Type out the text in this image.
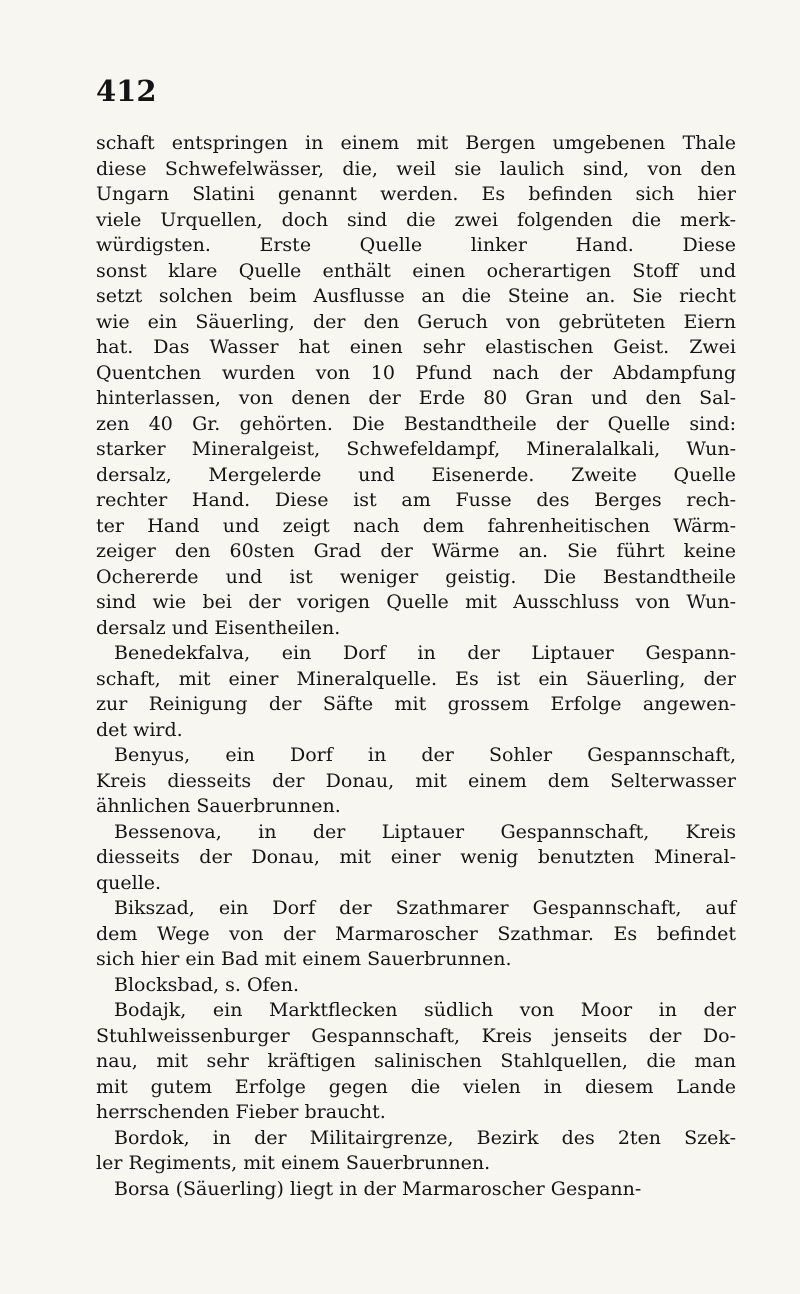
412
schaft entspringen in einem mit Bergen umgebenen Thale
diese Schwefelwässer, die, weil sie laulich sind, von den
Ungarn Slatini genannt werden. Es befinden sich hier
viele Urquellen, doch sind die zwei folgenden die merk-
würdigsten. Erste Quelle linker Hand. Diese
sonst klare Quelle enthält einen ocherartigen Stoff und
setzt solchen beim Ausflusse an die Steine an. Sie riecht
wie ein Säuerling, der den Geruch von gebrüteten Eiern
hat. Das Wasser hat einen sehr elastischen Geist. Zwei
Quentchen wurden von 10 Pfund nach der Abdampfung
hinterlassen, von denen der Erde 80 Gran und den Sal-
zen 40 Gr. gehörten. Die Bestandtheile der Quelle sind:
starker Mineralgeist, Schwefeldampf, Mineralalkali, Wun-
dersalz, Mergelerde und Eisenerde. Zweite Quelle
rechter Hand. Diese ist am Fusse des Berges rech-
ter Hand und zeigt nach dem fahrenheitischen Wärm-
zeiger den 60sten Grad der Wärme an. Sie führt keine
Ochererde und ist weniger geistig. Die Bestandtheile
sind wie bei der vorigen Quelle mit Ausschluss von Wun-
dersalz und Eisentheilen.
Benedekfalva, ein Dorf in der Liptauer Gespann-
schaft, mit einer Mineralquelle. Es ist ein Säuerling, der
zur Reinigung der Säfte mit grossem Erfolge angewen-
det wird.
Benyus, ein Dorf in der Sohler Gespannschaft,
Kreis diesseits der Donau, mit einem dem Selterwasser
ähnlichen Sauerbrunnen.
Bessenova, in der Liptauer Gespannschaft, Kreis
diesseits der Donau, mit einer wenig benutzten Mineral-
quelle.
Bikszad, ein Dorf der Szathmarer Gespannschaft, auf
dem Wege von der Marmaroscher Szathmar. Es befindet
sich hier ein Bad mit einem Sauerbrunnen.
Blocksbad, s. Ofen.
Bodajk, ein Marktflecken südlich von Moor in der
Stuhlweissenburger Gespannschaft, Kreis jenseits der Do-
nau, mit sehr kräftigen salinischen Stahlquellen, die man
mit gutem Erfolge gegen die vielen in diesem Lande
herrschenden Fieber braucht.
Bordok, in der Militairgrenze, Bezirk des 2ten Szek-
ler Regiments, mit einem Sauerbrunnen.
Borsa (Säuerling) liegt in der Marmaroscher Gespann-
